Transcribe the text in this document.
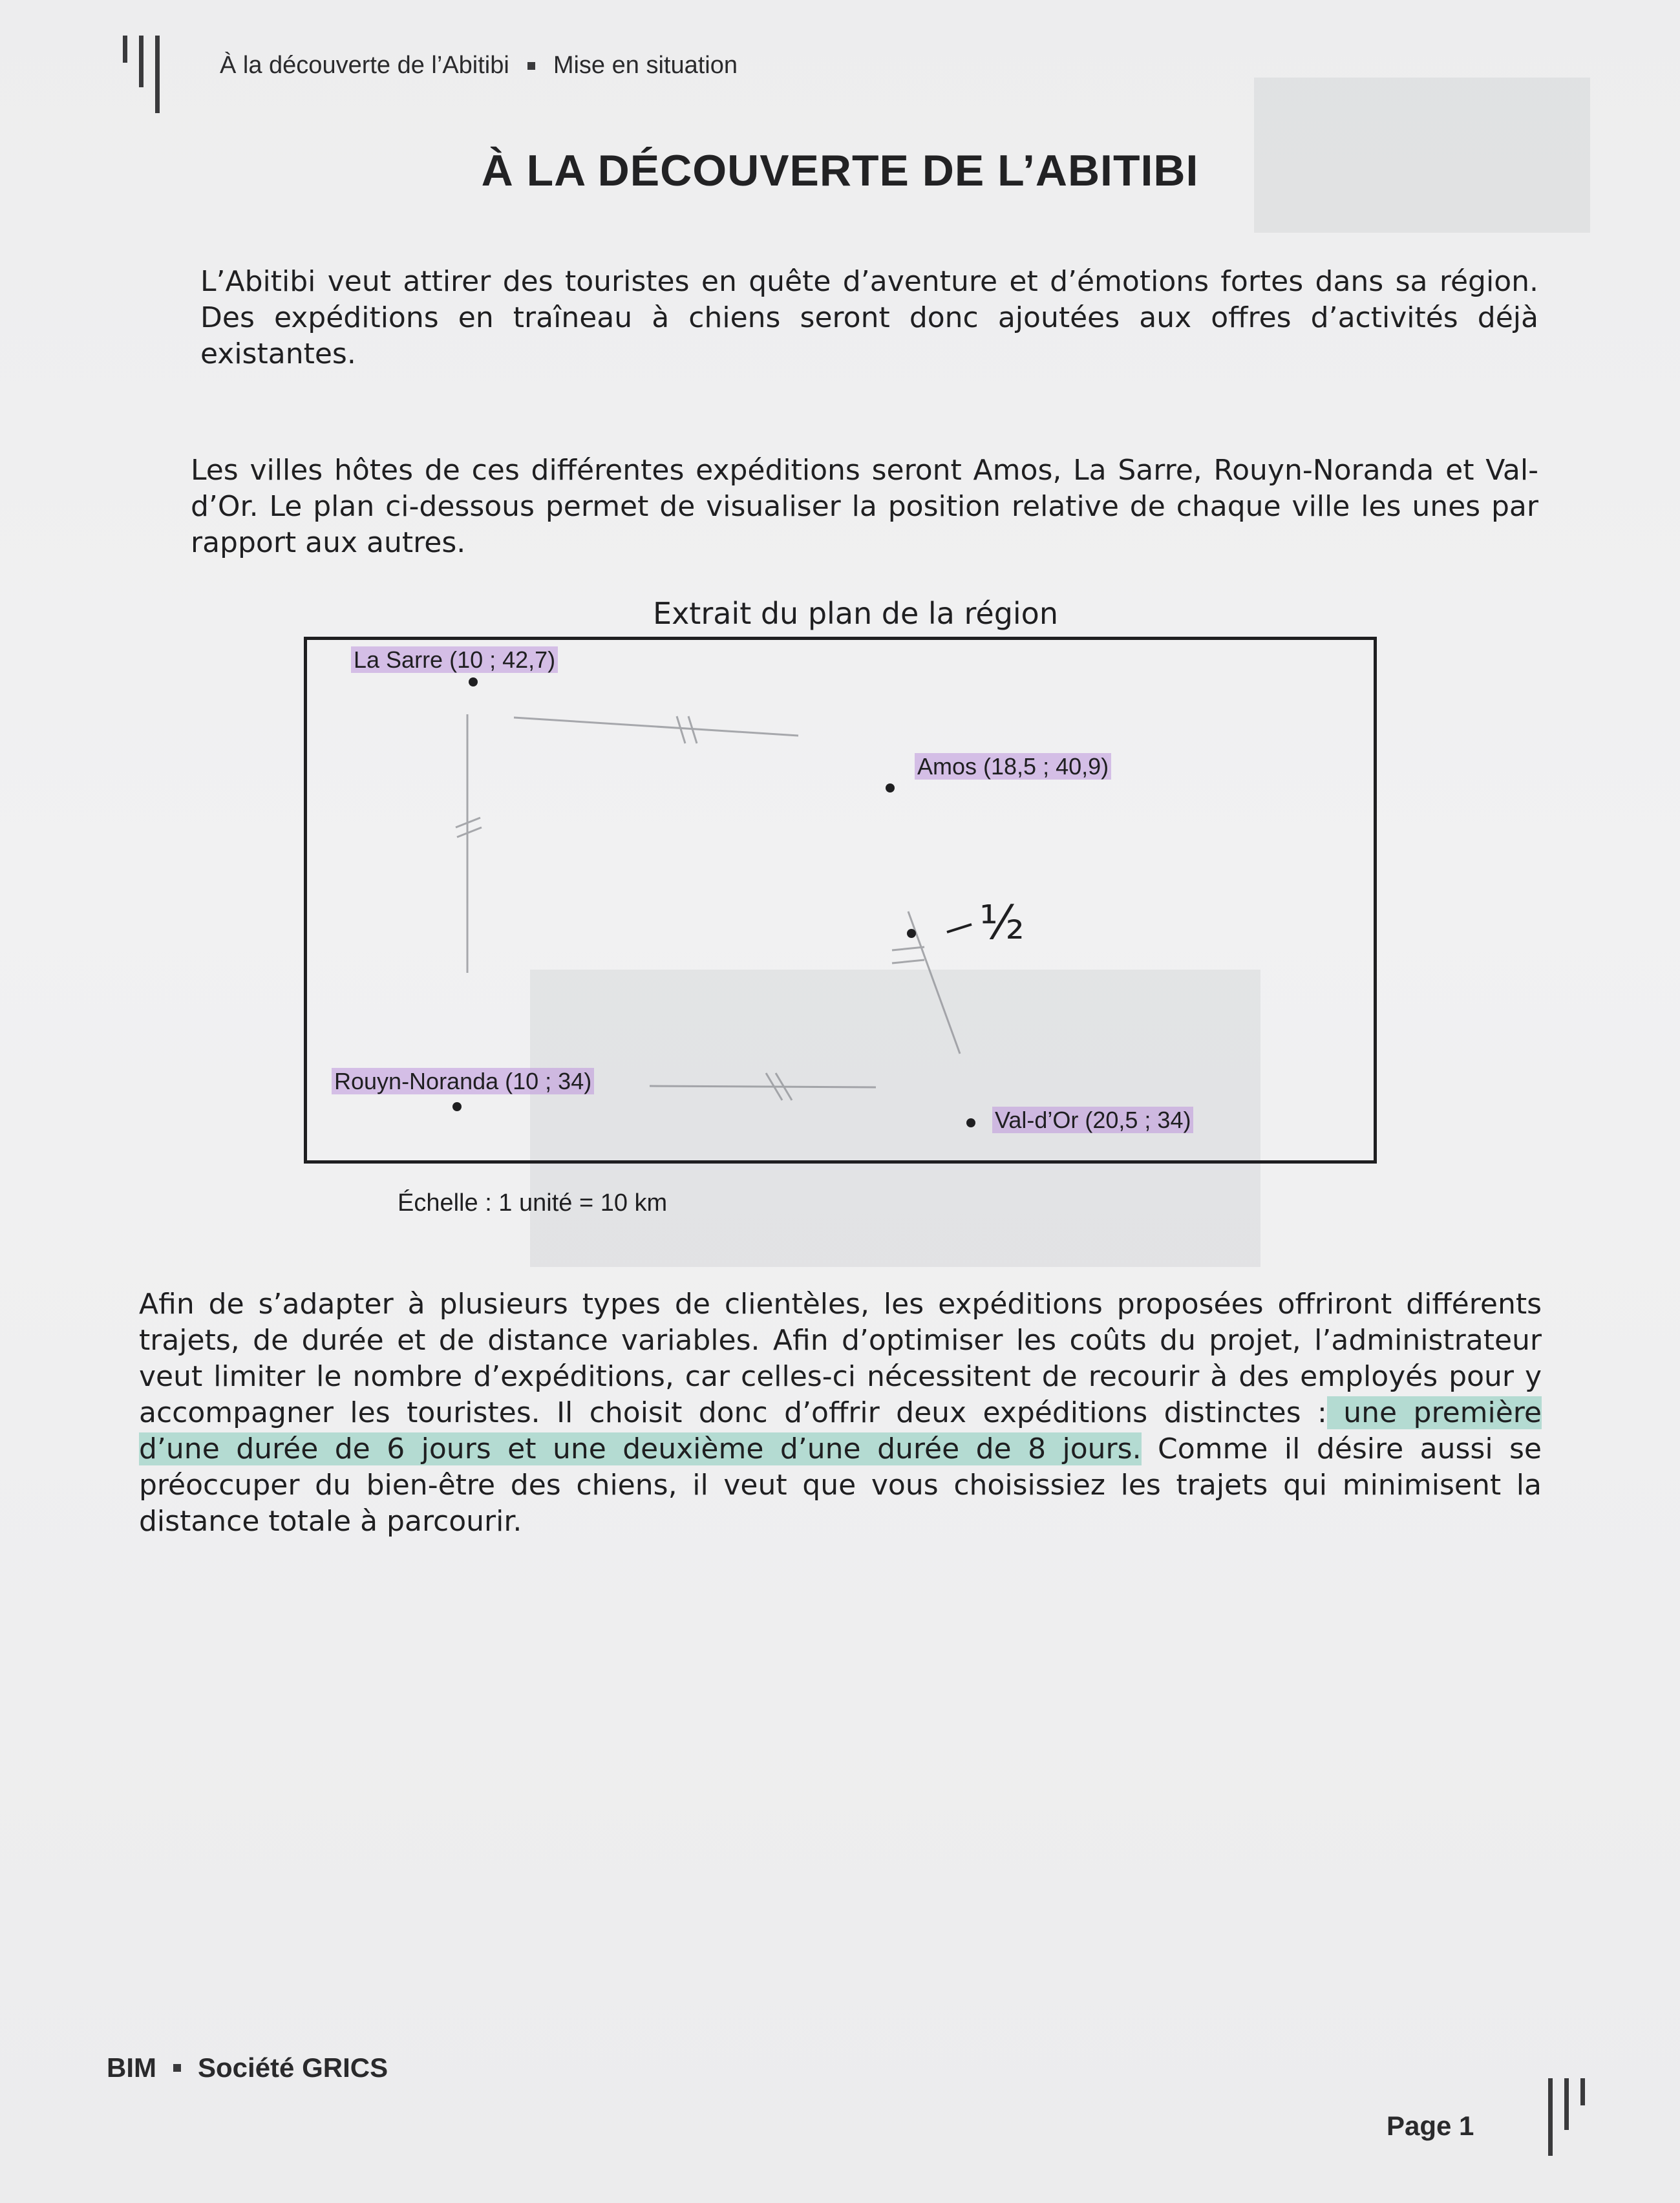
À la découverte de l’Abitibi Mise en situation
À LA DÉCOUVERTE DE L’ABITIBI
L’Abitibi veut attirer des touristes en quête d’aventure et d’émotions fortes dans sa région. Des expéditions en traîneau à chiens seront donc ajoutées aux offres d’activités déjà existantes.
Les villes hôtes de ces différentes expéditions seront Amos, La Sarre, Rouyn-Noranda et Val-d’Or. Le plan ci-dessous permet de visualiser la position relative de chaque ville les unes par rapport aux autres.
Extrait du plan de la région
La Sarre (10 ; 42,7)
Amos (18,5 ; 40,9)
½
Rouyn-Noranda (10 ; 34)
Val-d’Or (20,5 ; 34)
Échelle : 1 unité = 10 km
Afin de s’adapter à plusieurs types de clientèles, les expéditions proposées offriront différents trajets, de durée et de distance variables. Afin d’optimiser les coûts du projet, l’administrateur veut limiter le nombre d’expéditions, car celles-ci nécessitent de recourir à des employés pour y accompagner les touristes. Il choisit donc d’offrir deux expéditions distinctes : une première d’une durée de 6 jours et une deuxième d’une durée de 8 jours. Comme il désire aussi se préoccuper du bien-être des chiens, il veut que vous choisissiez les trajets qui minimisent la distance totale à parcourir.
BIM Société GRICS
Page 1
